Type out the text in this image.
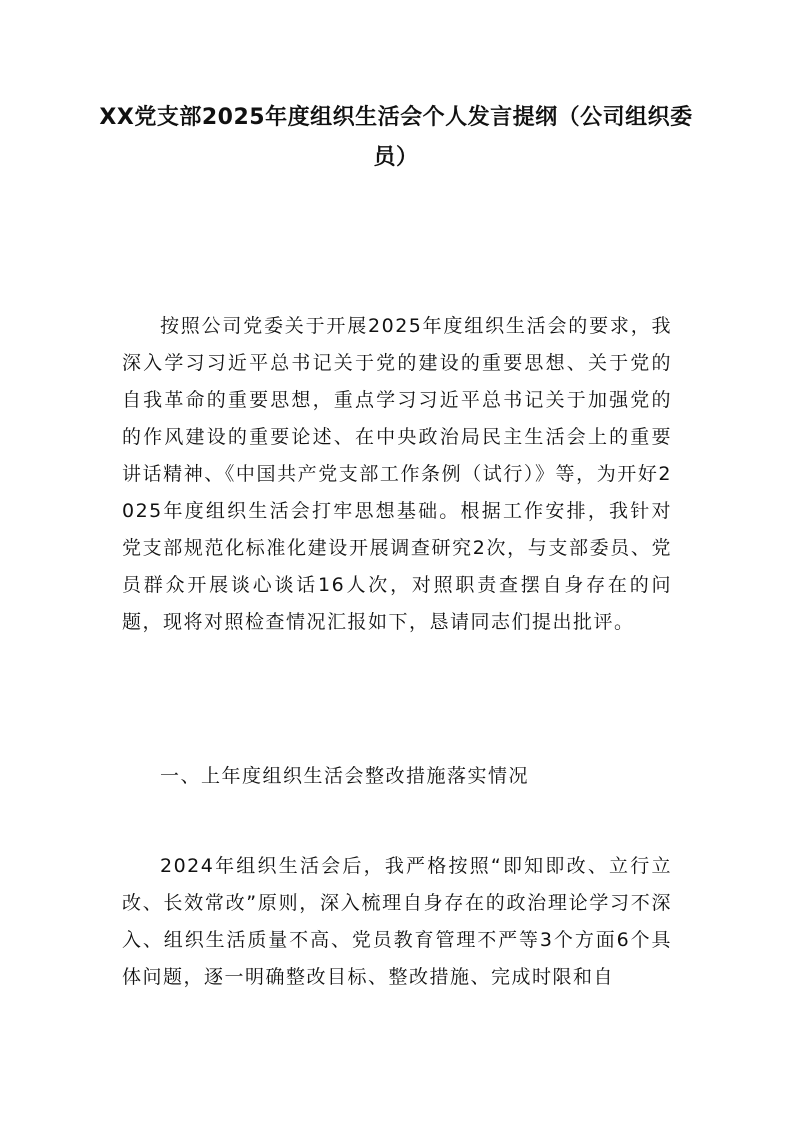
XX党支部2025年度组织生活会个人发言提纲（公司组织委员）

按照公司党委关于开展2025年度组织生活会的要求，我深入学习习近平总书记关于党的建设的重要思想、关于党的自我革命的重要思想，重点学习习近平总书记关于加强党的的作风建设的重要论述、在中央政治局民主生活会上的重要讲话精神、《中国共产党支部工作条例（试行）》等，为开好2025年度组织生活会打牢思想基础。根据工作安排，我针对党支部规范化标准化建设开展调查研究2次，与支部委员、党员群众开展谈心谈话16人次，对照职责查摆自身存在的问题，现将对照检查情况汇报如下，恳请同志们提出批评。

一、上年度组织生活会整改措施落实情况

2024年组织生活会后，我严格按照“即知即改、立行立改、长效常改”原则，深入梳理自身存在的政治理论学习不深入、组织生活质量不高、党员教育管理不严等3个方面6个具体问题，逐一明确整改目标、整改措施、完成时限和自
